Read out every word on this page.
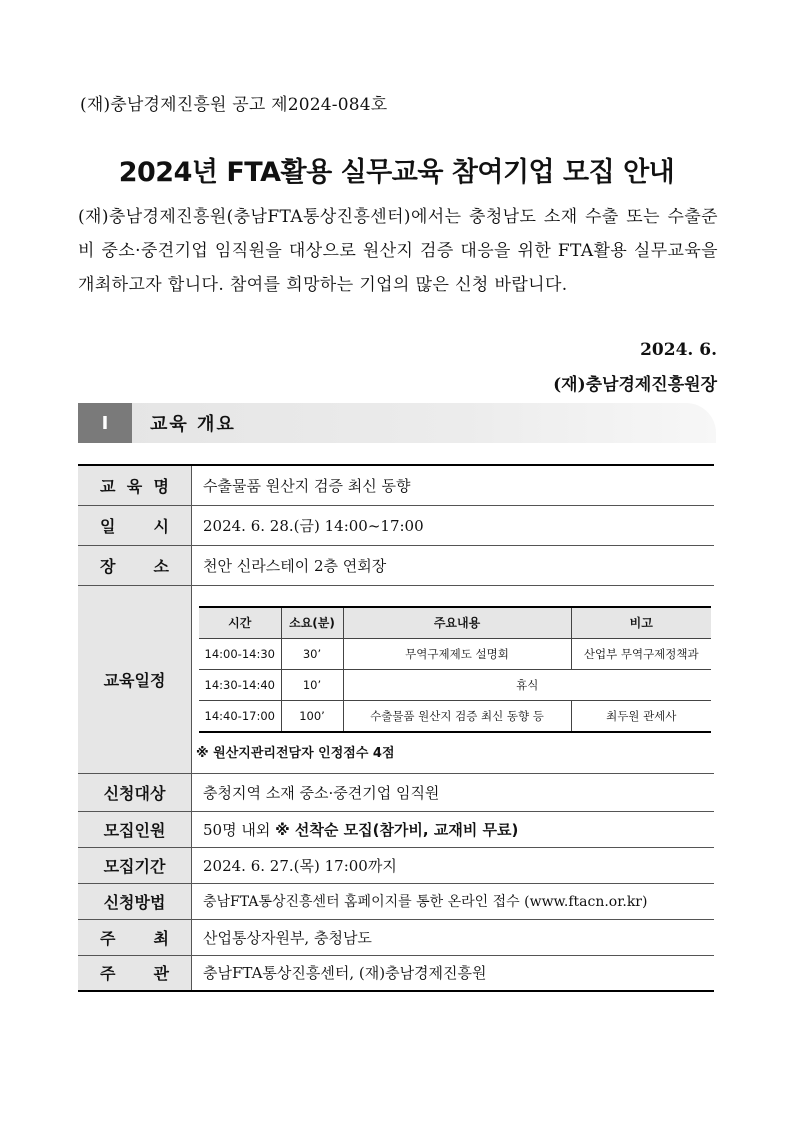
(재)충남경제진흥원 공고 제2024-084호
2024년 FTA활용 실무교육 참여기업 모집 안내
(재)충남경제진흥원(충남FTA통상진흥센터)에서는 충청남도 소재 수출 또는 수출준비 중소·중견기업 임직원을 대상으로 원산지 검증 대응을 위한 FTA활용 실무교육을 개최하고자 합니다. 참여를 희망하는 기업의 많은 신청 바랍니다.
2024. 6.
(재)충남경제진흥원장
Ⅰ	교육 개요
교 육 명	수출물품 원산지 검증 최신 동향

일 시	2024. 6. 28.(금) 14:00~17:00

장 소	천안 신라스테이 2층 연회장
교육일정	
시간	소요(분)	주요내용	비고
14:00-14:30	30’	무역구제제도 설명회	산업부 무역구제정책과
14:30-14:40	10’	휴식
14:40-17:00	100’	수출물품 원산지 검증 최신 동향 등	최두원 관세사
※ 원산지관리전담자 인정점수 4점

신청대상	충청지역 소재 중소·중견기업 임직원
모집인원	50명 내외 ※ 선착순 모집(참가비, 교재비 무료)
모집기간	2024. 6. 27.(목) 17:00까지
신청방법	충남FTA통상진흥센터 홈페이지를 통한 온라인 접수 (www.ftacn.or.kr)

주 최	산업통상자원부, 충청남도

주 관	충남FTA통상진흥센터, (재)충남경제진흥원
